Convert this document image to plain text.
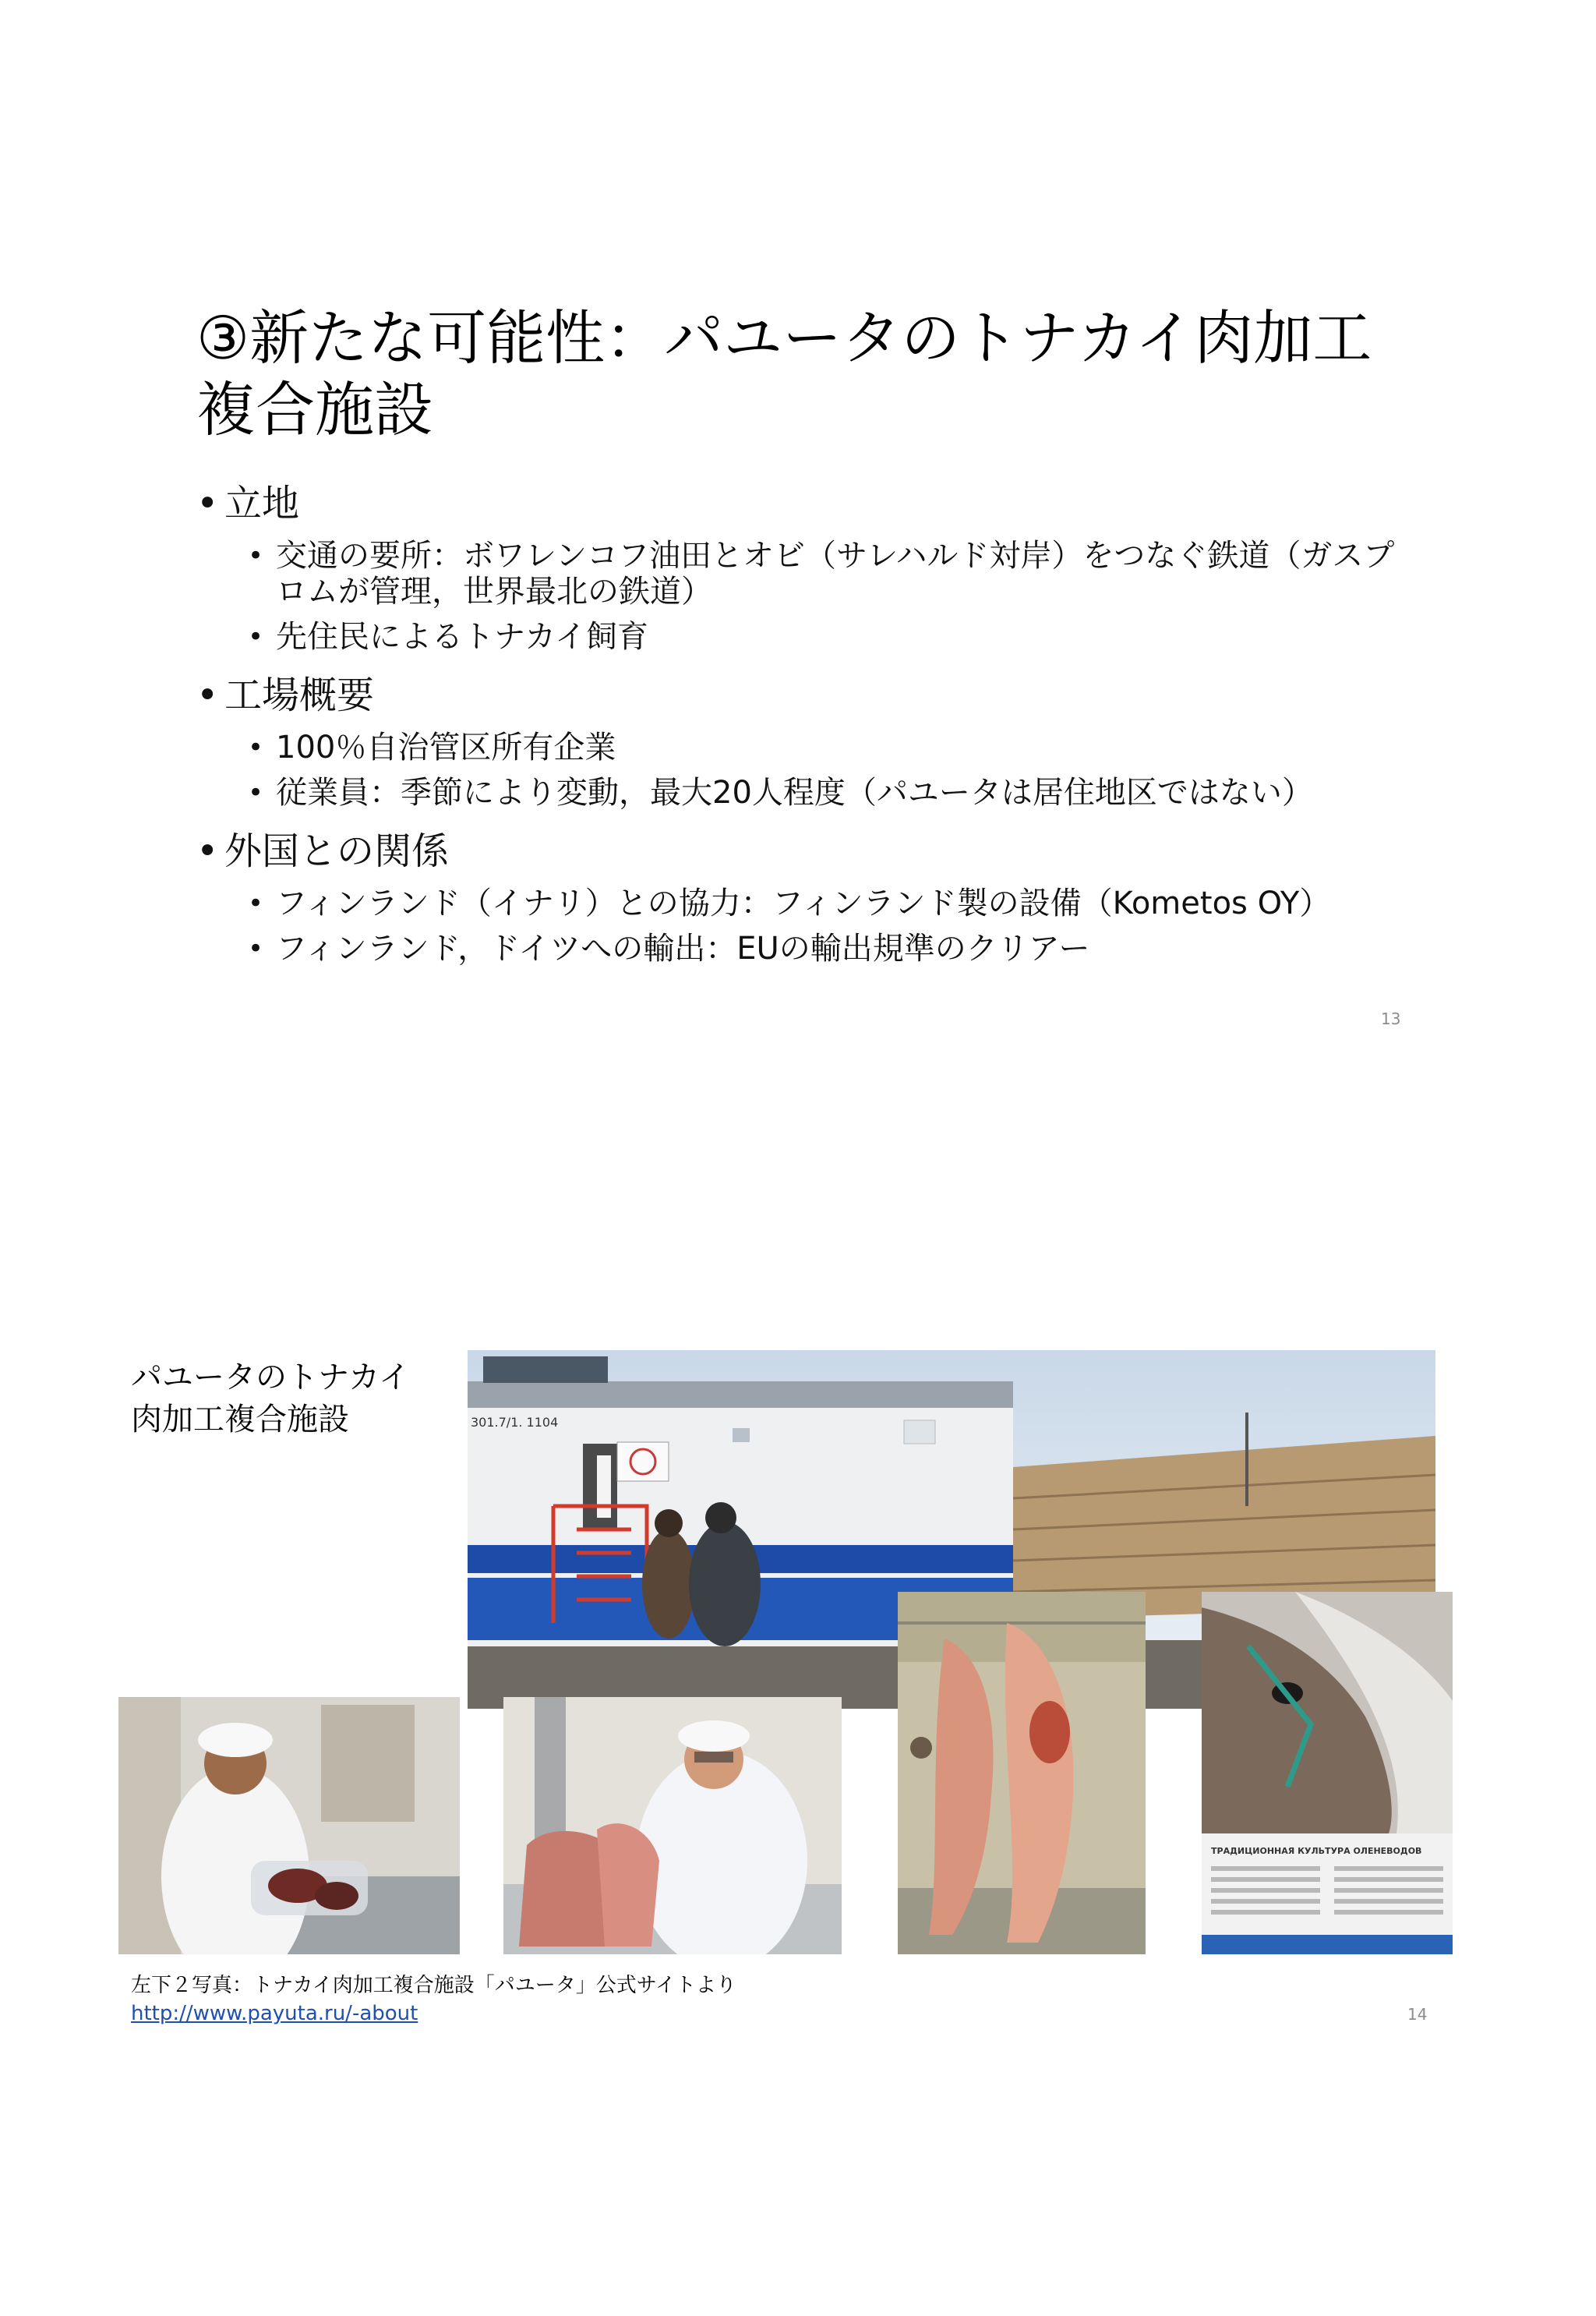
③新たな可能性：パユータのトナカイ肉加工
複合施設
• 立地
• 交通の要所：ボワレンコフ油田とオビ（サレハルド対岸）をつなぐ鉄道（ガスプロムが管理，世界最北の鉄道）
• 先住民によるトナカイ飼育
• 工場概要
• 100％自治管区所有企業
• 従業員：季節により変動，最大20人程度（パユータは居住地区ではない）
• 外国との関係
• フィンランド（イナリ）との協力：フィンランド製の設備（Kometos OY）
• フィンランド，ドイツへの輸出：EUの輸出規準のクリアー
13
パユータのトナカイ
肉加工複合施設	301.7/1. 1104
ТРАДИЦИОННАЯ КУЛЬТУРА ОЛЕНЕВОДОВ
左下２写真：トナカイ肉加工複合施設「パユータ」公式サイトより
http://www.payuta.ru/-about	14
